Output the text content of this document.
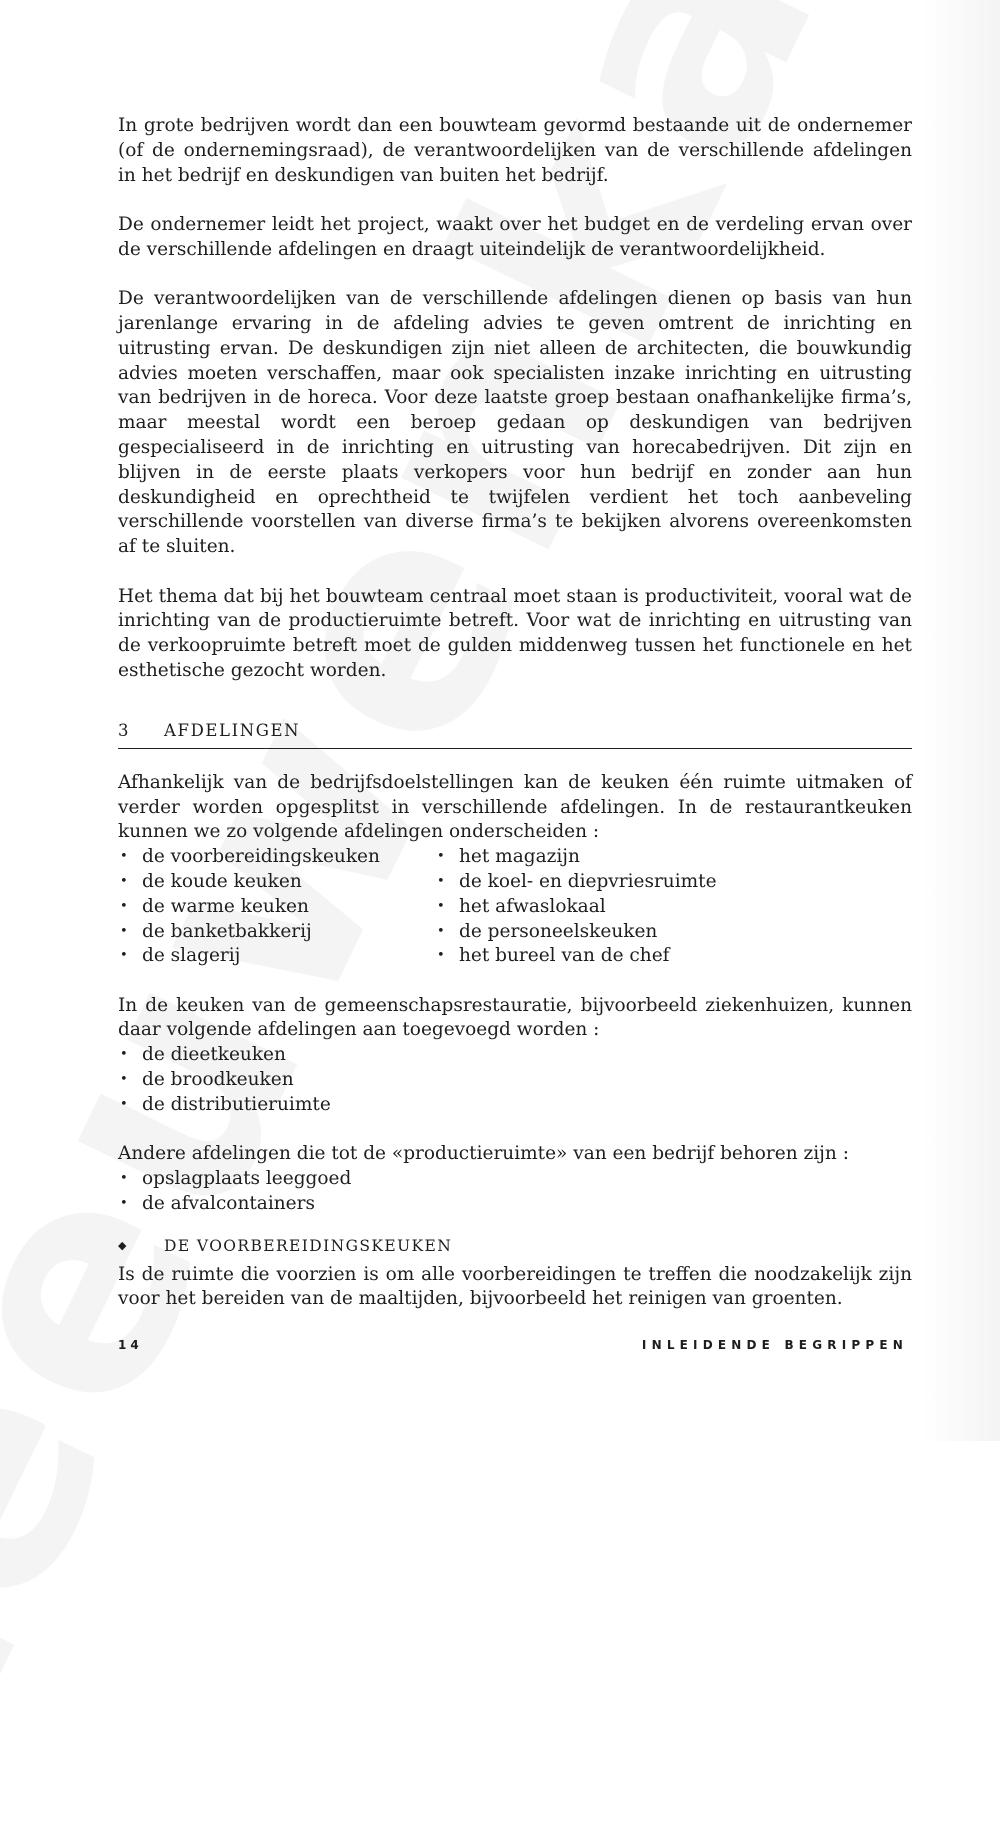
In grote bedrijven wordt dan een bouwteam gevormd bestaande uit de ondernemer (of de ondernemingsraad), de verantwoordelijken van de verschillende afdelingen in het bedrijf en deskundigen van buiten het bedrijf.

De ondernemer leidt het project, waakt over het budget en de verdeling ervan over de verschillende afdelingen en draagt uiteindelijk de verantwoordelijkheid.

De verantwoordelijken van de verschillende afdelingen dienen op basis van hun jarenlange ervaring in de afdeling advies te geven omtrent de inrichting en uitrusting ervan. De deskundigen zijn niet alleen de architecten, die bouwkundig advies moeten verschaffen, maar ook specialisten inzake inrichting en uitrusting van bedrijven in de horeca. Voor deze laatste groep bestaan onafhankelijke firma’s, maar meestal wordt een beroep gedaan op deskundigen van bedrijven gespecialiseerd in de inrichting en uitrusting van horecabedrijven. Dit zijn en blijven in de eerste plaats verkopers voor hun bedrijf en zonder aan hun deskundigheid en oprechtheid te twijfelen verdient het toch aanbeveling verschillende voorstellen van diverse firma’s te bekijken alvorens overeenkomsten af te sluiten.

Het thema dat bij het bouwteam centraal moet staan is productiviteit, vooral wat de inrichting van de productieruimte betreft. Voor wat de inrichting en uitrusting van de verkoopruimte betreft moet de gulden middenweg tussen het functionele en het esthetische gezocht worden.

3 AFDELINGEN

Afhankelijk van de bedrijfsdoelstellingen kan de keuken één ruimte uitmaken of verder worden opgesplitst in verschillende afdelingen. In de restaurantkeuken kunnen we zo volgende afdelingen onderscheiden :

• de voorbereidingskeuken
• de koude keuken
• de warme keuken
• de banketbakkerij
• de slagerij
• het magazijn
• de koel- en diepvriesruimte
• het afwaslokaal
• de personeelskeuken
• het bureel van de chef

In de keuken van de gemeenschapsrestauratie, bijvoorbeeld ziekenhuizen, kunnen daar volgende afdelingen aan toegevoegd worden :

• de dieetkeuken
• de broodkeuken
• de distributieruimte

Andere afdelingen die tot de «productieruimte» van een bedrijf behoren zijn :

• opslagplaats leeggoed
• de afvalcontainers
◆	DE VOORBEREIDINGSKEUKEN

Is de ruimte die voorzien is om alle voorbereidingen te treffen die noodzakelijk zijn voor het bereiden van de maaltijden, bijvoorbeeld het reinigen van groenten.

14	INLEIDENDE BEGRIPPEN
